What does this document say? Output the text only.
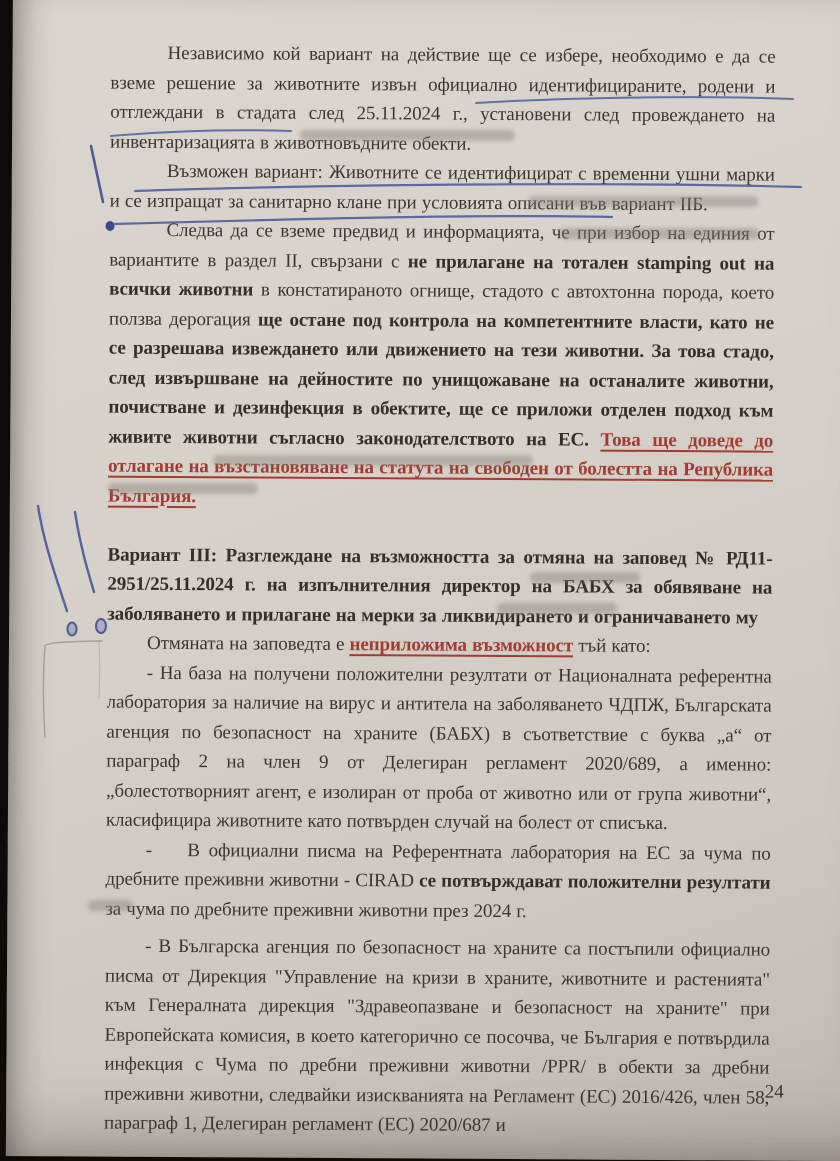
Независимо кой вариант на действие ще се избере, необходимо е да се вземе решение за животните извън официално идентифицираните, родени и отглеждани в стадата след 25.11.2024 г., установени след провеждането на инвентаризацията в животновъдните обекти.

Възможен вариант: Животните се идентифицират с временни ушни марки и се изпращат за санитарно клане при условията описани във вариант IIБ.

Следва да се вземе предвид и информацията, че при избор на единия от вариантите в раздел II, свързани с не прилагане на тотален stamping out на всички животни в констатираното огнище, стадото с автохтонна порода, което ползва дерогация ще остане под контрола на компетентните власти, като не се разрешава извеждането или движението на тези животни. За това стадо, след извършване на дейностите по унищожаване на останалите животни, почистване и дезинфекция в обектите, ще се приложи отделен подход към живите животни съгласно законодателството на ЕС. Това ще доведе до отлагане на възстановяване на статута на свободен от болестта на Република България.

Вариант III: Разглеждане на възможността за отмяна на заповед № РД11-2951/25.11.2024 г. на изпълнителния директор на БАБХ за обявяване на заболяването и прилагане на мерки за ликвидирането и ограничаването му

Отмяната на заповедта е неприложима възможност тъй като:

- На база на получени положителни резултати от Националната референтна лаборатория за наличие на вирус и антитела на заболяването ЧДПЖ, Българската агенция по безопасност на храните (БАБХ) в съответствие с буква „а“ от параграф 2 на член 9 от Делегиран регламент 2020/689, а именно: „болестотворният агент, е изолиран от проба от животно или от група животни“, класифицира животните като потвърден случай на болест от списъка.

-    В официални писма на Референтната лаборатория на ЕС за чума по дребните преживни животни - CIRAD се потвърждават положителни резултати за чума по дребните преживни животни през 2024 г.

- В Българска агенция по безопасност на храните са постъпили официално писма от Дирекция "Управление на кризи в храните, животните и растенията" към Генералната дирекция "Здравеопазване и безопасност на храните" при Европейската комисия, в което категорично се посочва, че България е потвърдила инфекция с Чума по дребни преживни животни /PPR/ в обекти за дребни преживни животни, следвайки изискванията на Регламент (ЕС) 2016/426, член 58, параграф 1, Делегиран регламент (ЕС) 2020/687 и

24
